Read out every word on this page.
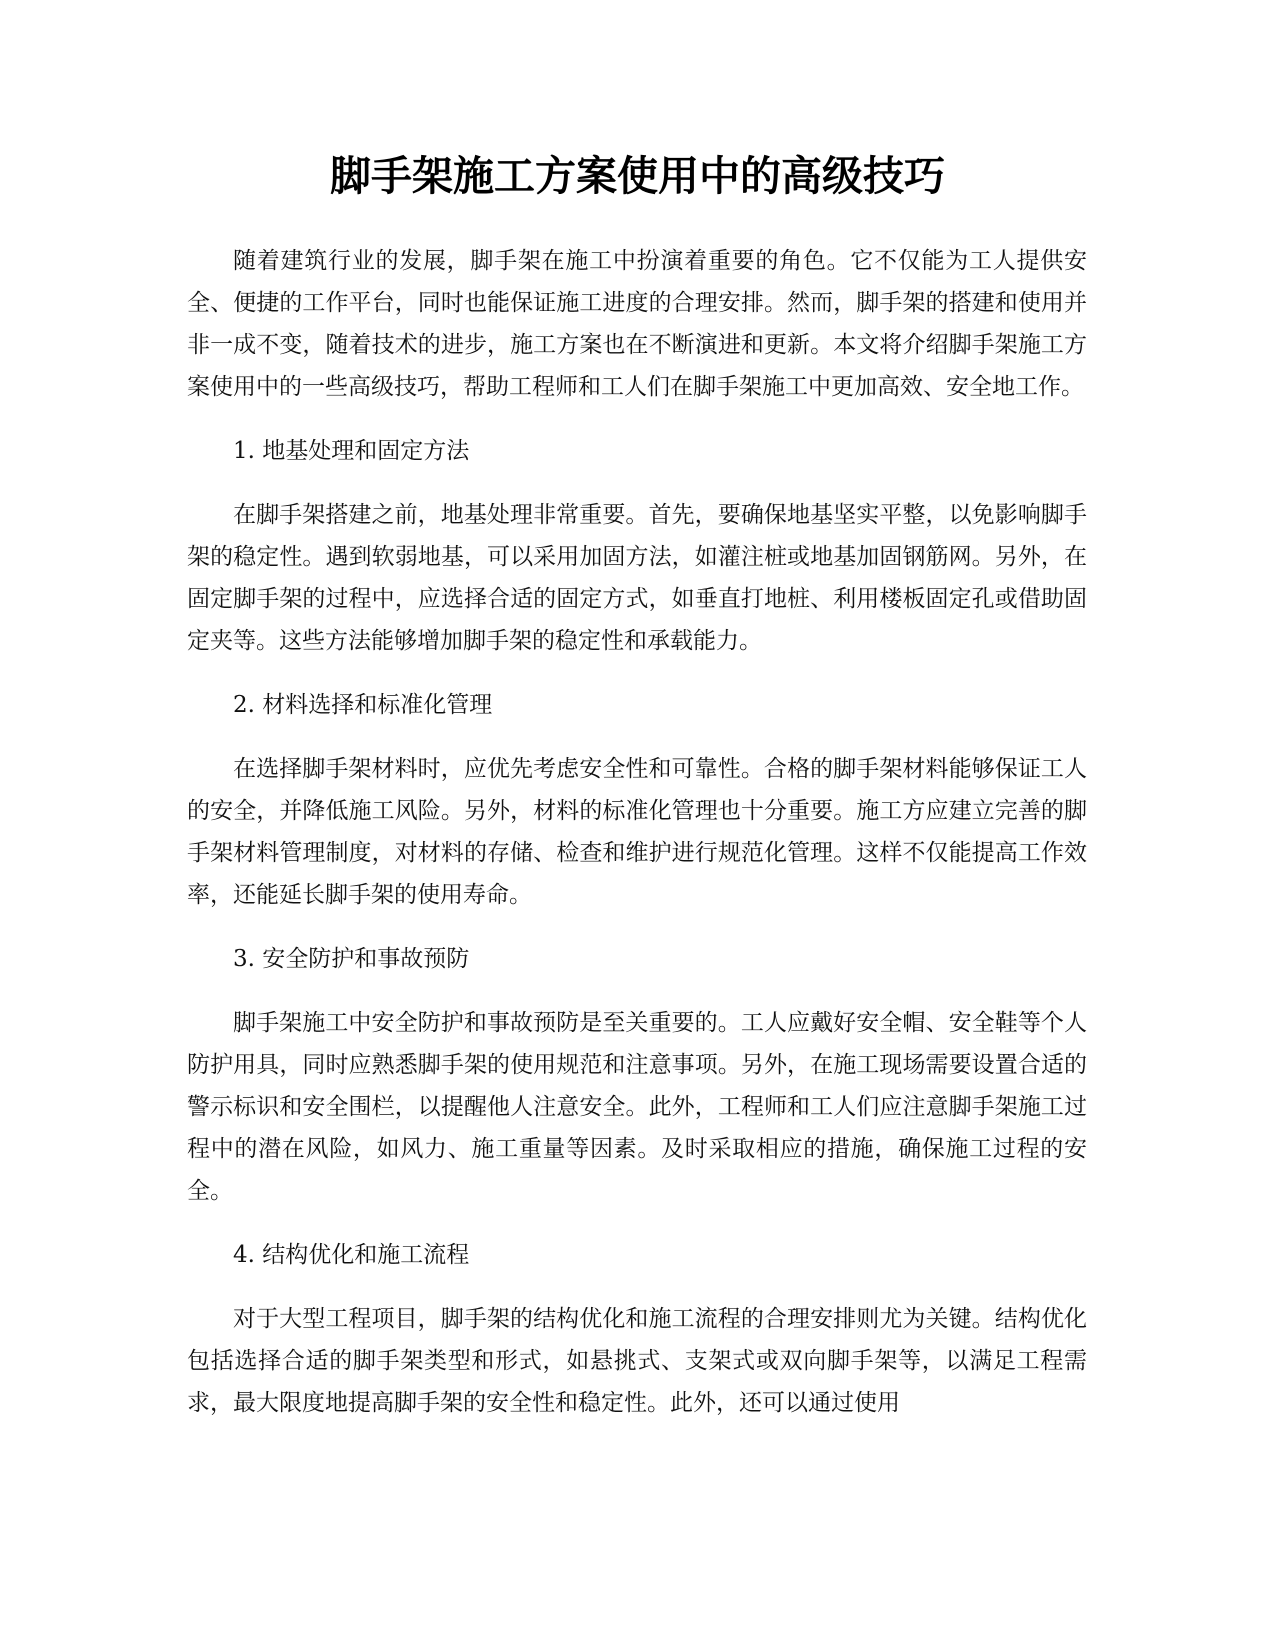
脚手架施工方案使用中的高级技巧

随着建筑行业的发展，脚手架在施工中扮演着重要的角色。它不仅能为工人提供安全、便捷的工作平台，同时也能保证施工进度的合理安排。然而，脚手架的搭建和使用并非一成不变，随着技术的进步，施工方案也在不断演进和更新。本文将介绍脚手架施工方案使用中的一些高级技巧，帮助工程师和工人们在脚手架施工中更加高效、安全地工作。

1. 地基处理和固定方法

在脚手架搭建之前，地基处理非常重要。首先，要确保地基坚实平整，以免影响脚手架的稳定性。遇到软弱地基，可以采用加固方法，如灌注桩或地基加固钢筋网。另外，在固定脚手架的过程中，应选择合适的固定方式，如垂直打地桩、利用楼板固定孔或借助固定夹等。这些方法能够增加脚手架的稳定性和承载能力。

2. 材料选择和标准化管理

在选择脚手架材料时，应优先考虑安全性和可靠性。合格的脚手架材料能够保证工人的安全，并降低施工风险。另外，材料的标准化管理也十分重要。施工方应建立完善的脚手架材料管理制度，对材料的存储、检查和维护进行规范化管理。这样不仅能提高工作效率，还能延长脚手架的使用寿命。

3. 安全防护和事故预防

脚手架施工中安全防护和事故预防是至关重要的。工人应戴好安全帽、安全鞋等个人防护用具，同时应熟悉脚手架的使用规范和注意事项。另外，在施工现场需要设置合适的警示标识和安全围栏，以提醒他人注意安全。此外，工程师和工人们应注意脚手架施工过程中的潜在风险，如风力、施工重量等因素。及时采取相应的措施，确保施工过程的安全。

4. 结构优化和施工流程

对于大型工程项目，脚手架的结构优化和施工流程的合理安排则尤为关键。结构优化包括选择合适的脚手架类型和形式，如悬挑式、支架式或双向脚手架等，以满足工程需求，最大限度地提高脚手架的安全性和稳定性。此外，还可以通过使用
